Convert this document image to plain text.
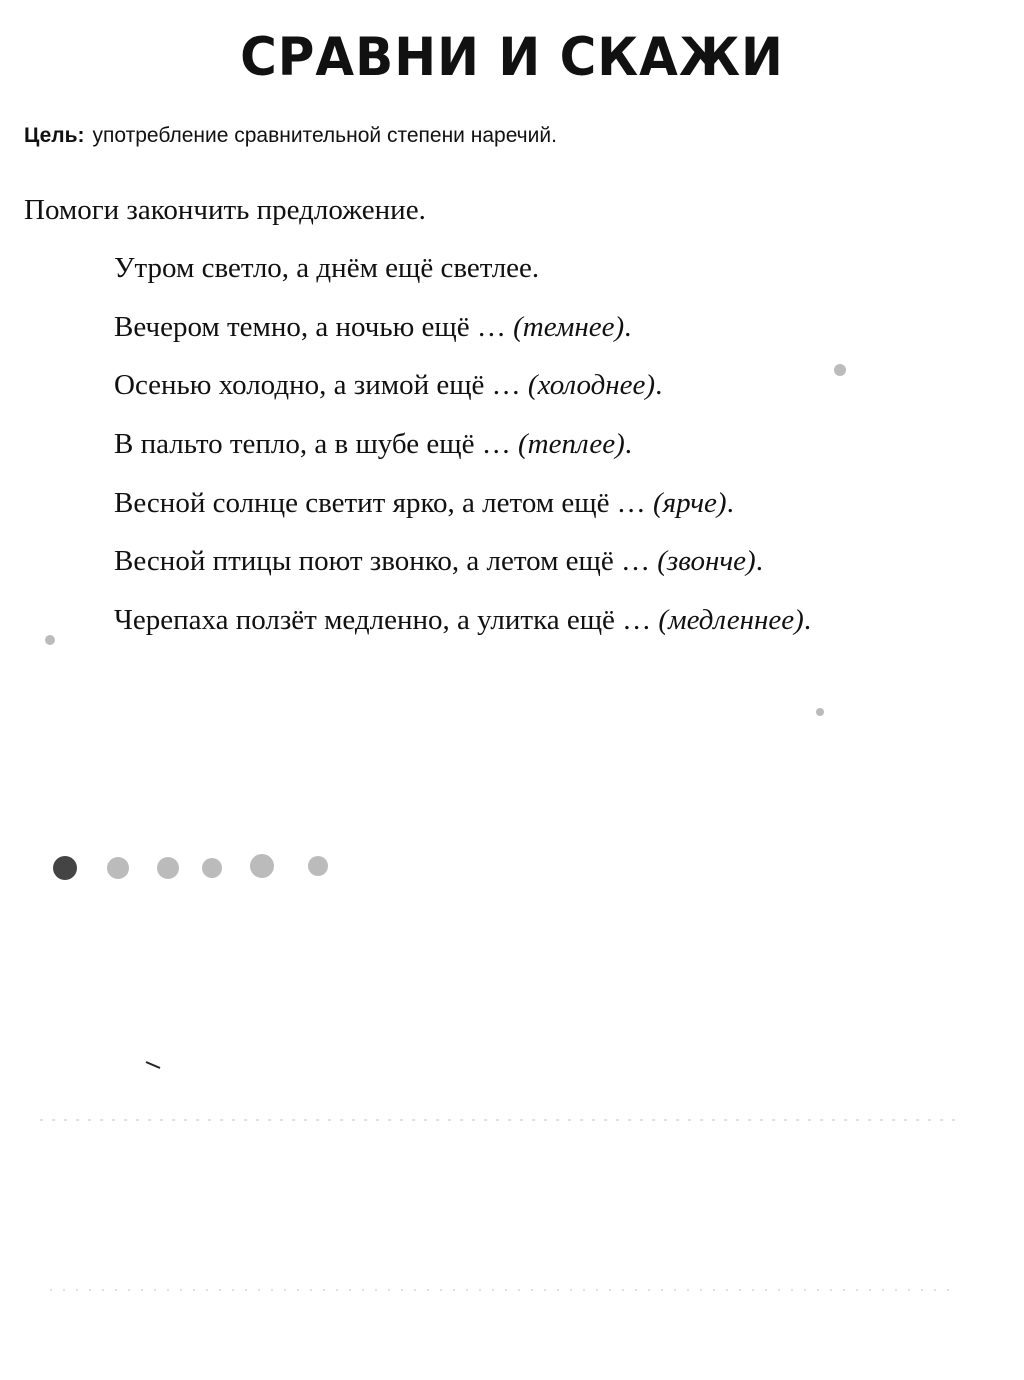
СРАВНИ И СКАЖИ
Цель: употребление сравнительной степени наречий.
Помоги закончить предложение.
Утром светло, а днём ещё светлее.
Вечером темно, а ночью ещё … (темнее).
Осенью холодно, а зимой ещё … (холоднее).
В пальто тепло, а в шубе ещё … (теплее).
Весной солнце светит ярко, а летом ещё … (ярче).
Весной птицы поют звонко, а летом ещё … (звонче).
Черепаха ползёт медленно, а улитка ещё … (медленнее).
